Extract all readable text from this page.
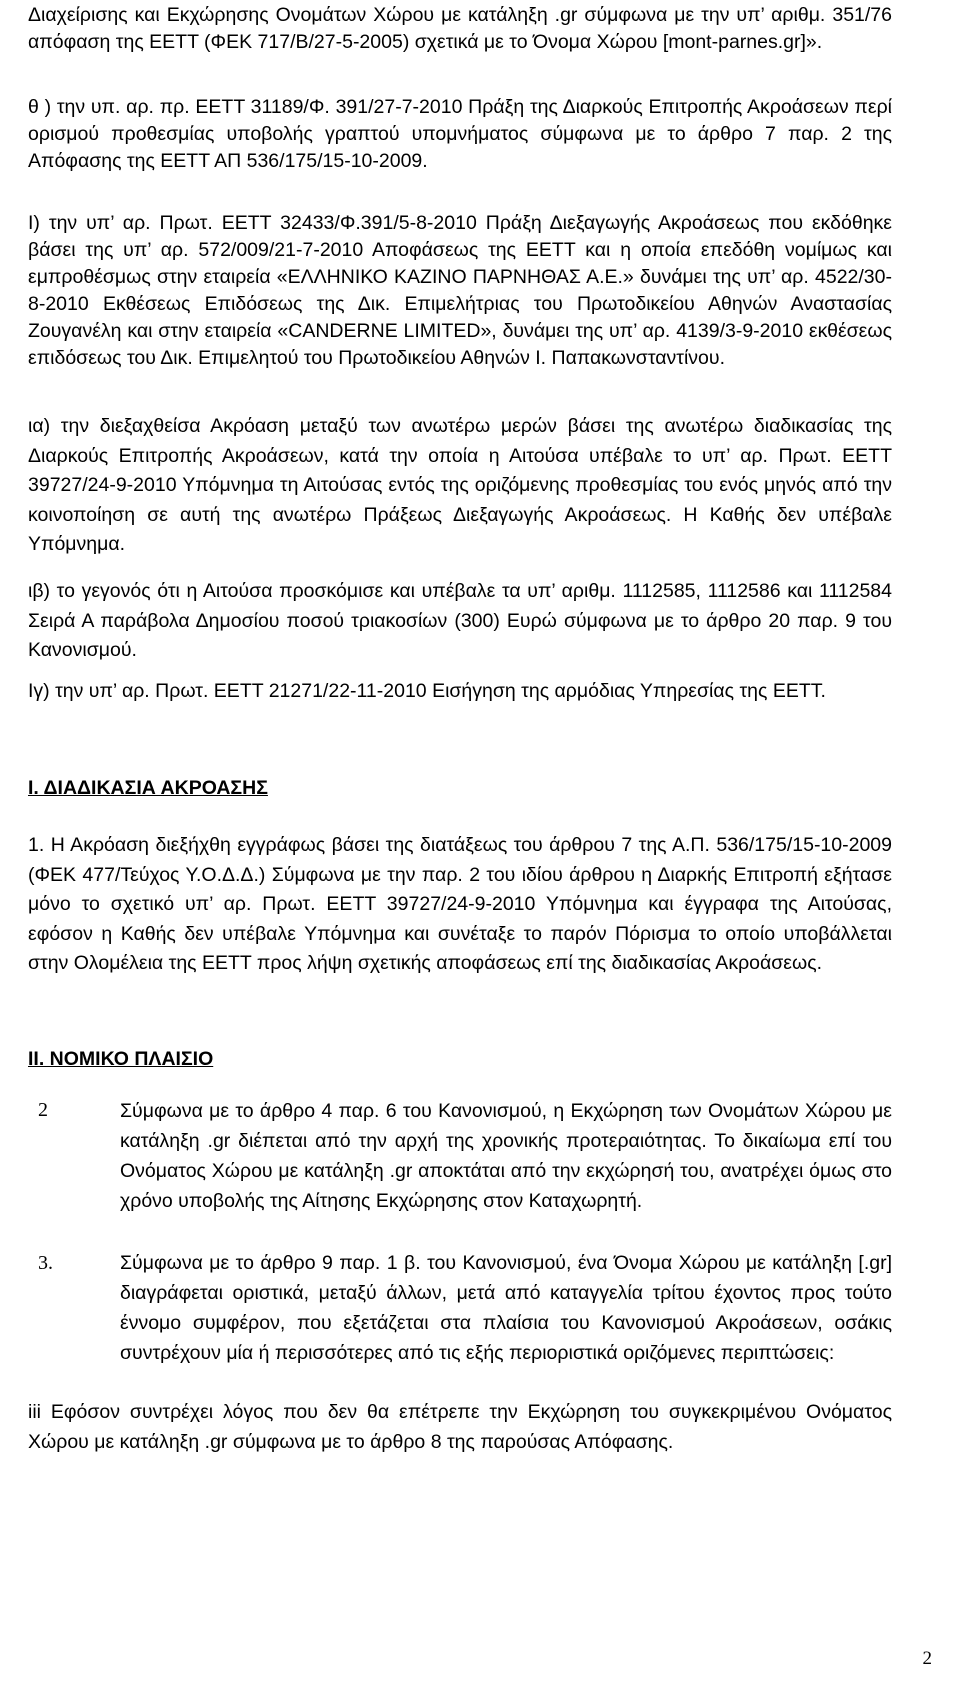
Διαχείρισης και Εκχώρησης Ονομάτων Χώρου με κατάληξη .gr σύμφωνα με την υπ’ αριθμ. 351/76 απόφαση της ΕΕΤΤ (ΦΕΚ 717/Β/27-5-2005) σχετικά με το Όνομα Χώρου [mont-parnes.gr]».

θ ) την υπ. αρ. πρ. ΕΕΤΤ 31189/Φ. 391/27-7-2010 Πράξη της Διαρκούς Επιτροπής Ακροάσεων περί ορισμού προθεσμίας υποβολής γραπτού υπομνήματος σύμφωνα με το άρθρο 7 παρ. 2 της Απόφασης της ΕΕΤΤ ΑΠ 536/175/15-10-2009.

Ι) την υπ’ αρ. Πρωτ. ΕΕΤΤ 32433/Φ.391/5-8-2010 Πράξη Διεξαγωγής Ακροάσεως που εκδόθηκε βάσει της υπ’ αρ. 572/009/21-7-2010 Αποφάσεως της ΕΕΤΤ και η οποία επεδόθη νομίμως και εμπροθέσμως στην εταιρεία «ΕΛΛΗΝΙΚΟ ΚΑΖΙΝΟ ΠΑΡΝΗΘΑΣ Α.Ε.» δυνάμει της υπ’ αρ. 4522/30-8-2010 Εκθέσεως Επιδόσεως της Δικ. Επιμελήτριας του Πρωτοδικείου Αθηνών Αναστασίας Ζουγανέλη και στην εταιρεία «CANDERNE LIMITED», δυνάμει της υπ’ αρ. 4139/3-9-2010 εκθέσεως επιδόσεως του Δικ. Επιμελητού του Πρωτοδικείου Αθηνών Ι. Παπακωνσταντίνου.

ια) την διεξαχθείσα Ακρόαση μεταξύ των ανωτέρω μερών βάσει της ανωτέρω διαδικασίας της Διαρκούς Επιτροπής Ακροάσεων, κατά την οποία η Αιτούσα υπέβαλε το υπ’ αρ. Πρωτ. ΕΕΤΤ 39727/24-9-2010 Υπόμνημα τη Αιτούσας εντός της οριζόμενης προθεσμίας του ενός μηνός από την κοινοποίηση σε αυτή της ανωτέρω Πράξεως Διεξαγωγής Ακροάσεως. Η Καθής δεν υπέβαλε Υπόμνημα.

ιβ) το γεγονός ότι η Αιτούσα προσκόμισε και υπέβαλε τα υπ’ αριθμ. 1112585, 1112586 και 1112584 Σειρά Α παράβολα Δημοσίου ποσού τριακοσίων (300) Ευρώ σύμφωνα με το άρθρο 20 παρ. 9 του Κανονισμού.

Ιγ) την υπ’ αρ. Πρωτ. ΕΕΤΤ 21271/22-11-2010 Εισήγηση της αρμόδιας Υπηρεσίας της ΕΕΤΤ.

Ι. ΔΙΑΔΙΚΑΣΙΑ ΑΚΡΟΑΣΗΣ

1. Η Ακρόαση διεξήχθη εγγράφως βάσει της διατάξεως του άρθρου 7 της Α.Π. 536/175/15-10-2009 (ΦΕΚ 477/Τεύχος Υ.Ο.Δ.Δ.) Σύμφωνα με την παρ. 2 του ιδίου άρθρου η Διαρκής Επιτροπή εξήτασε μόνο το σχετικό υπ’ αρ. Πρωτ. ΕΕΤΤ 39727/24-9-2010 Υπόμνημα και έγγραφα της Αιτούσας, εφόσον η Καθής δεν υπέβαλε Υπόμνημα και συνέταξε το παρόν Πόρισμα το οποίο υποβάλλεται στην Ολομέλεια της ΕΕΤΤ προς λήψη σχετικής αποφάσεως επί της διαδικασίας Ακροάσεως.

ΙΙ. ΝΟΜΙΚΟ ΠΛΑΙΣΙΟ
2	Σύμφωνα με το άρθρο 4 παρ. 6 του Κανονισμού, η Εκχώρηση των Ονομάτων Χώρου με κατάληξη .gr διέπεται από την αρχή της χρονικής προτεραιότητας. Το δικαίωμα επί του Ονόματος Χώρου με κατάληξη .gr αποκτάται από την εκχώρησή του, ανατρέχει όμως στο χρόνο υποβολής της Αίτησης Εκχώρησης στον Καταχωρητή.

3.	Σύμφωνα με το άρθρο 9 παρ. 1 β. του Κανονισμού, ένα Όνομα Χώρου με κατάληξη [.gr] διαγράφεται οριστικά, μεταξύ άλλων, μετά από καταγγελία τρίτου έχοντος προς τούτο έννομο συμφέρον, που εξετάζεται στα πλαίσια του Κανονισμού Ακροάσεων, οσάκις συντρέχουν μία ή περισσότερες από τις εξής περιοριστικά οριζόμενες περιπτώσεις:

iii Εφόσον συντρέχει λόγος που δεν θα επέτρεπε την Εκχώρηση του συγκεκριμένου Ονόματος Χώρου με κατάληξη .gr σύμφωνα με το άρθρο 8 της παρούσας Απόφασης.

2
